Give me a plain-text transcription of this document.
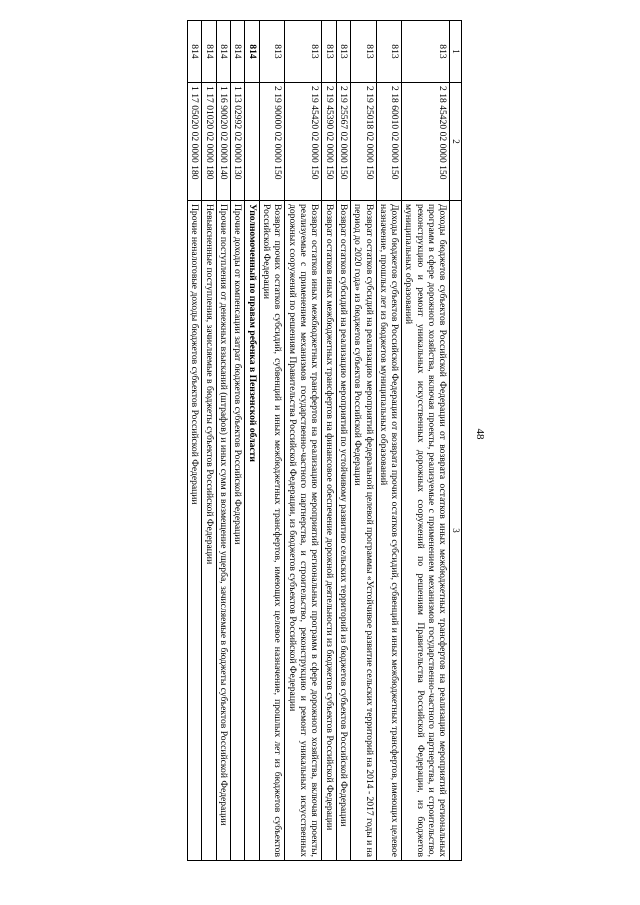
48
1	2	3
813	2 18 45420 02 0000 150	Доходы бюджетов субъектов Российской Федерации от возврата остатков иных межбюджетных трансфертов на реализацию мероприятий региональных программ в сфере дорожного хозяйства, включая проекты, реализуемые с применением механизмов государственно-частного партнерства, и строительство, реконструкцию и ремонт уникальных искусственных дорожных сооружений по решениям Правительства Российской Федерации, из бюджетов муниципальных образований
813	2 18 60010 02 0000 150	Доходы бюджетов субъектов Российской Федерации от возврата прочих остатков субсидий, субвенций и иных межбюджетных трансфертов, имеющих целевое назначение, прошлых лет из бюджетов муниципальных образований
813	2 19 25018 02 0000 150	Возврат остатков субсидий на реализацию мероприятий федеральной целевой программы «Устойчивое развитие сельских территорий на 2014 - 2017 годы и на период до 2020 года» из бюджетов субъектов Российской Федерации
813	2 19 25567 02 0000 150	Возврат остатков субсидий на реализацию мероприятий по устойчивому развитию сельских территорий из бюджетов субъектов Российской Федерации
813	2 19 45390 02 0000 150	Возврат остатков иных межбюджетных трансфертов на финансовое обеспечение дорожной деятельности из бюджетов субъектов Российской Федерации
813	2 19 45420 02 0000 150	Возврат остатков иных межбюджетных трансфертов на реализацию мероприятий региональных программ в сфере дорожного хозяйства, включая проекты, реализуемые с применением механизмов государственно-частного партнерства, и строительство, реконструкцию и ремонт уникальных искусственных дорожных сооружений по решениям Правительства Российской Федерации, из бюджетов субъектов Российской Федерации
813	2 19 90000 02 0000 150	Возврат прочих остатков субсидий, субвенций и иных межбюджетных трансфертов, имеющих целевое назначение, прошлых лет из бюджетов субъектов Российской Федерации
814		Уполномоченный по правам ребенка в Пензенской области
814	1 13 02992 02 0000 130	Прочие доходы от компенсации затрат бюджетов субъектов Российской Федерации
814	1 16 90020 02 0000 140	Прочие поступления от денежных взысканий (штрафов) и иных сумм в возмещение ущерба, зачисляемые в бюджеты субъектов Российской Федерации
814	1 17 01020 02 0000 180	Невыясненные поступления, зачисляемые в бюджеты субъектов Российской Федерации
814	1 17 05020 02 0000 180	Прочие неналоговые доходы бюджетов субъектов Российской Федерации
